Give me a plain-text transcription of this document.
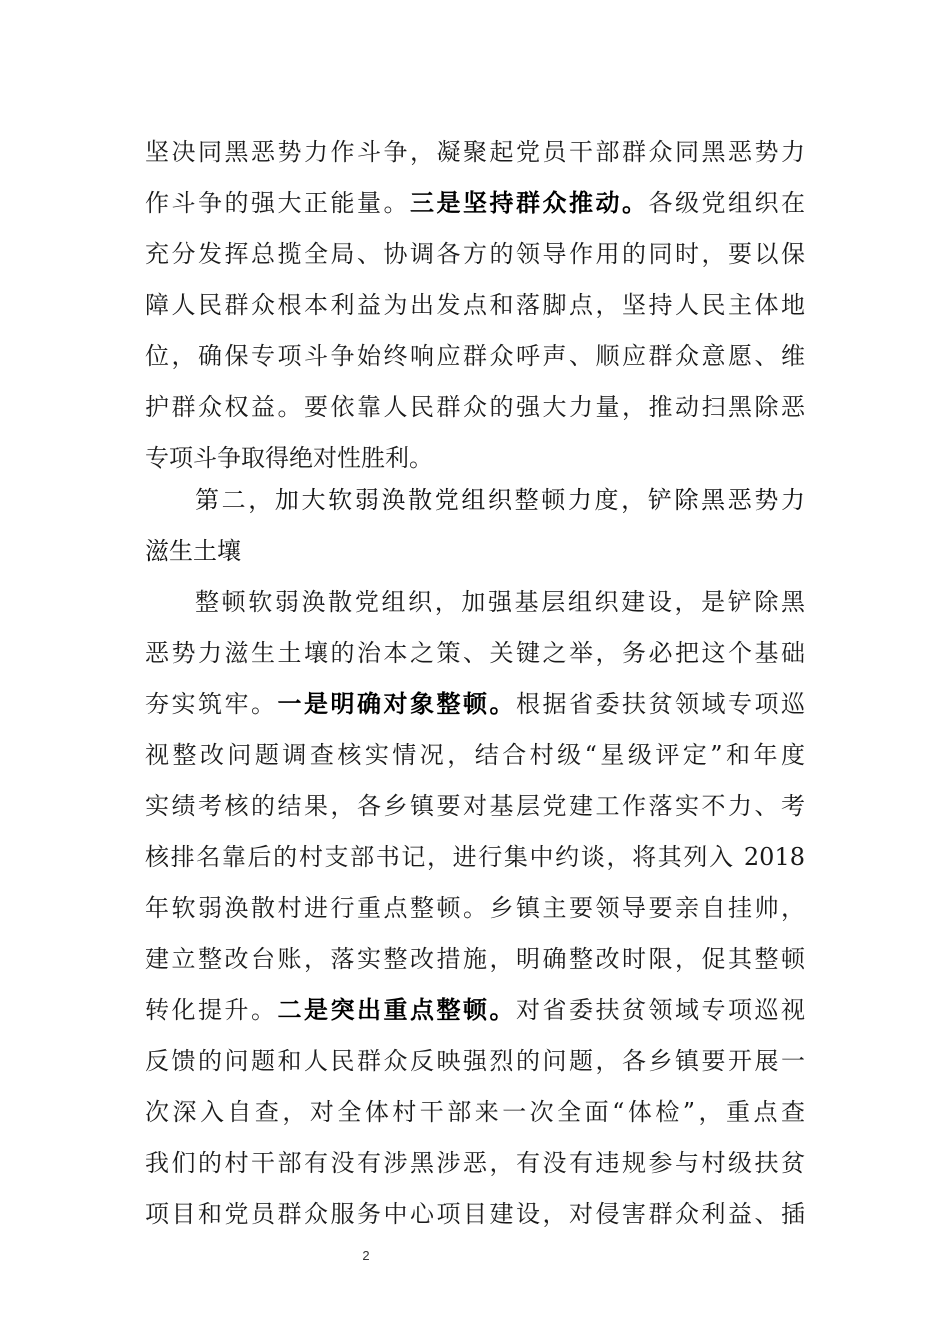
坚决同黑恶势力作斗争，凝聚起党员干部群众同黑恶势力
作斗争的强大正能量。三是坚持群众推动。各级党组织在
充分发挥总揽全局、协调各方的领导作用的同时，要以保
障人民群众根本利益为出发点和落脚点，坚持人民主体地
位，确保专项斗争始终响应群众呼声、顺应群众意愿、维
护群众权益。要依靠人民群众的强大力量，推动扫黑除恶
专项斗争取得绝对性胜利。
第二，加大软弱涣散党组织整顿力度，铲除黑恶势力
滋生土壤
整顿软弱涣散党组织，加强基层组织建设，是铲除黑
恶势力滋生土壤的治本之策、关键之举，务必把这个基础
夯实筑牢。一是明确对象整顿。根据省委扶贫领域专项巡
视整改问题调查核实情况，结合村级“星级评定”和年度
实绩考核的结果，各乡镇要对基层党建工作落实不力、考
核排名靠后的村支部书记，进行集中约谈，将其列入 2018
年软弱涣散村进行重点整顿。乡镇主要领导要亲自挂帅，
建立整改台账，落实整改措施，明确整改时限，促其整顿
转化提升。二是突出重点整顿。对省委扶贫领域专项巡视
反馈的问题和人民群众反映强烈的问题，各乡镇要开展一
次深入自查，对全体村干部来一次全面“体检”，重点查
我们的村干部有没有涉黑涉恶，有没有违规参与村级扶贫
项目和党员群众服务中心项目建设，对侵害群众利益、插
2
